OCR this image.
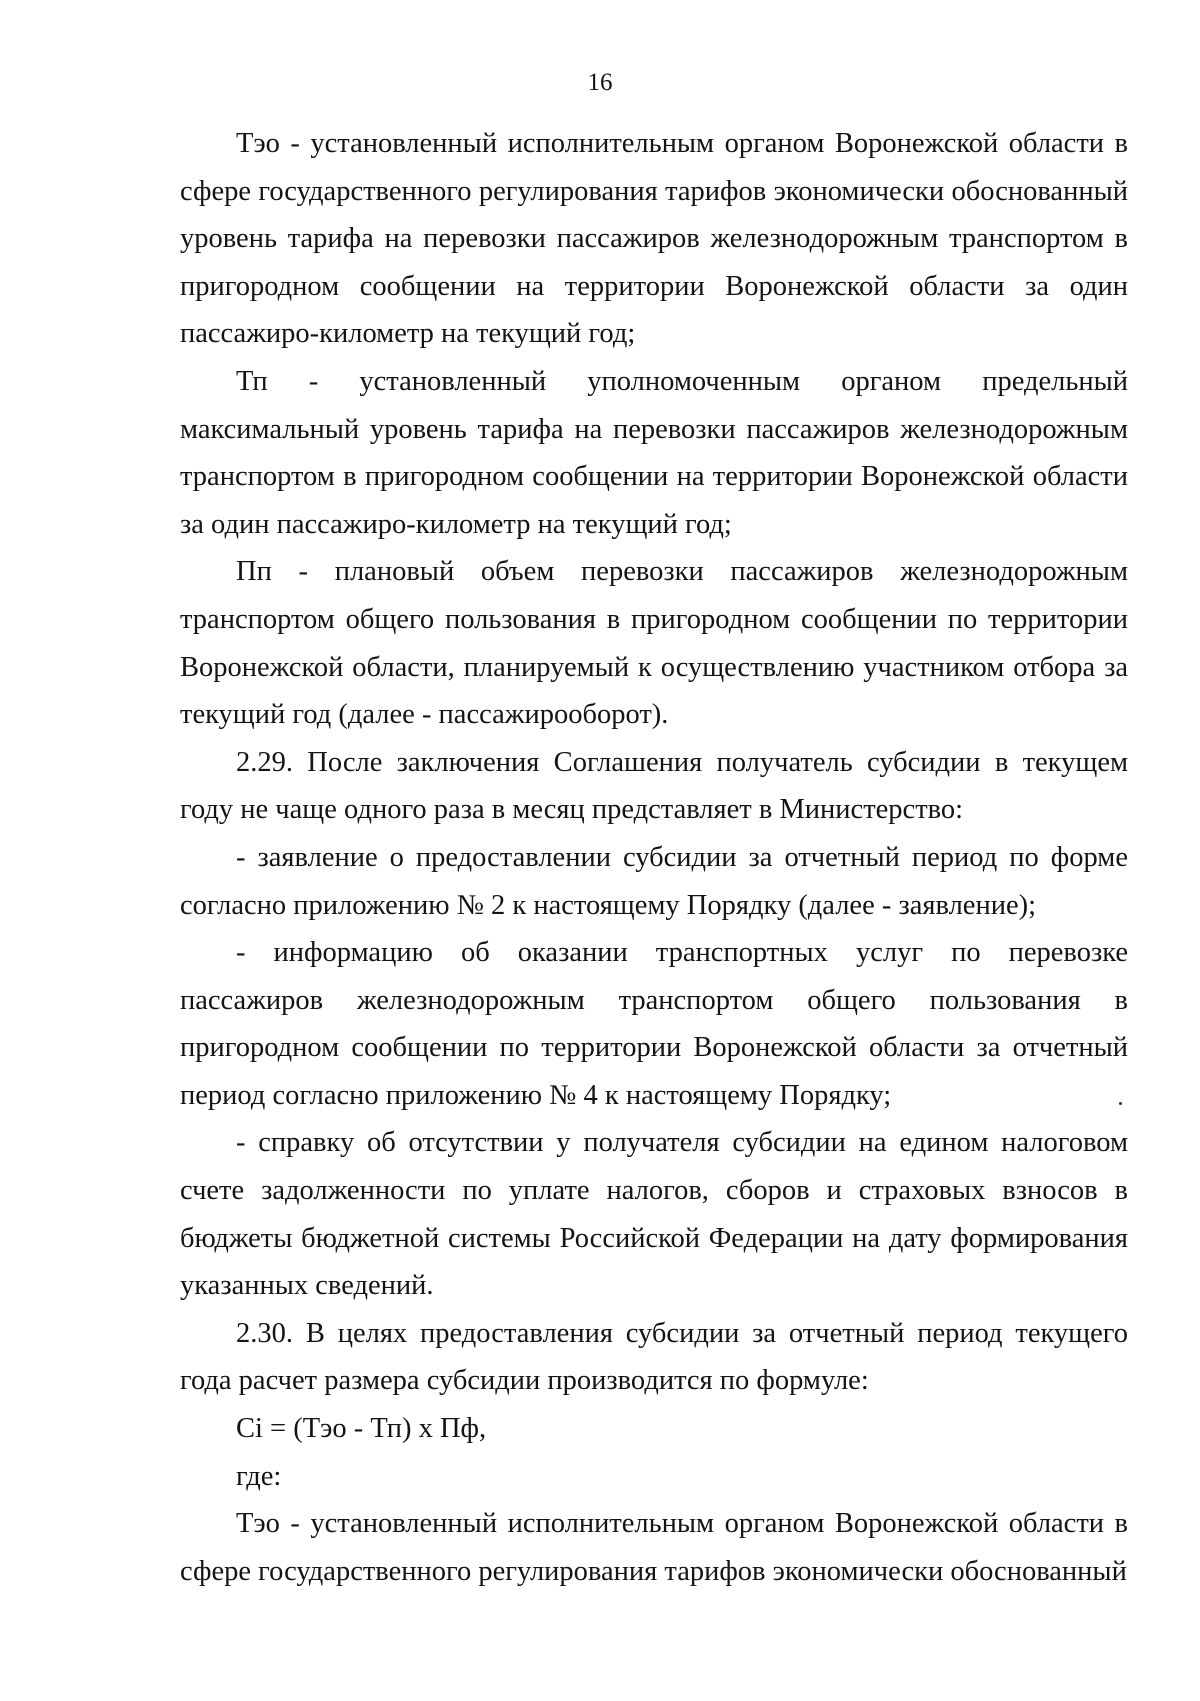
16

Тэо - установленный исполнительным органом Воронежской области в сфере государственного регулирования тарифов экономически обоснованный уровень тарифа на перевозки пассажиров железнодорожным транспортом в пригородном сообщении на территории Воронежской области за один пассажиро-километр на текущий год;

Тп - установленный уполномоченным органом предельный максимальный уровень тарифа на перевозки пассажиров железнодорожным транспортом в пригородном сообщении на территории Воронежской области за один пассажиро-километр на текущий год;

Пп - плановый объем перевозки пассажиров железнодорожным транспортом общего пользования в пригородном сообщении по территории Воронежской области, планируемый к осуществлению участником отбора за текущий год (далее - пассажирооборот).

2.29. После заключения Соглашения получатель субсидии в текущем году не чаще одного раза в месяц представляет в Министерство:

- заявление о предоставлении субсидии за отчетный период по форме согласно приложению № 2 к настоящему Порядку (далее - заявление);

- информацию об оказании транспортных услуг по перевозке пассажиров железнодорожным транспортом общего пользования в пригородном сообщении по территории Воронежской области за отчетный период согласно приложению № 4 к настоящему Порядку;

- справку об отсутствии у получателя субсидии на едином налоговом счете задолженности по уплате налогов, сборов и страховых взносов в бюджеты бюджетной системы Российской Федерации на дату формирования указанных сведений.

2.30. В целях предоставления субсидии за отчетный период текущего года расчет размера субсидии производится по формуле:

Сi = (Тэо - Тп) х Пф,

где:

Тэо - установленный исполнительным органом Воронежской области в сфере государственного регулирования тарифов экономически обоснованный
